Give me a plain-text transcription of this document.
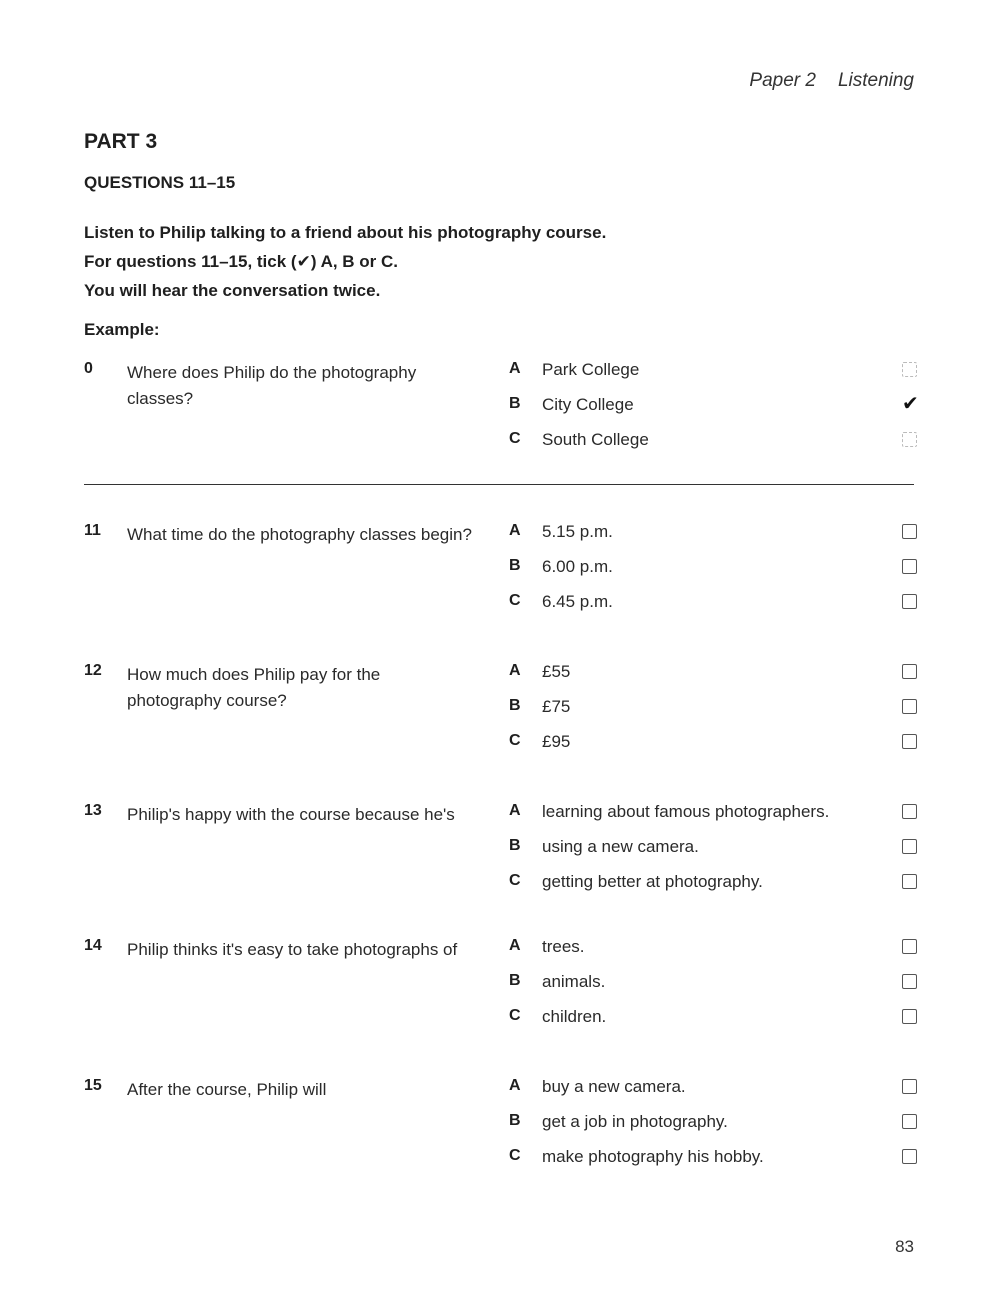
Paper 2 Listening
PART 3
QUESTIONS 11–15
Listen to Philip talking to a friend about his photography course.
For questions 11–15, tick (✔) A, B or C.
You will hear the conversation twice.
Example:
0	Where does Philip do the photography classes?
A Park College
B City College
✔
C South College
11	What time do the photography classes begin?	A 5.15 p.m.
B 6.00 p.m.
C 6.45 p.m.
12	How much does Philip pay for the photography course?
A £55
B £75
C £95
13	Philip's happy with the course because he's	A learning about famous photographers.
B using a new camera.
C getting better at photography.
14	Philip thinks it's easy to take photographs of	A trees.
B animals.
C children.
15	After the course, Philip will	A buy a new camera.
B get a job in photography.
C make photography his hobby.
83
